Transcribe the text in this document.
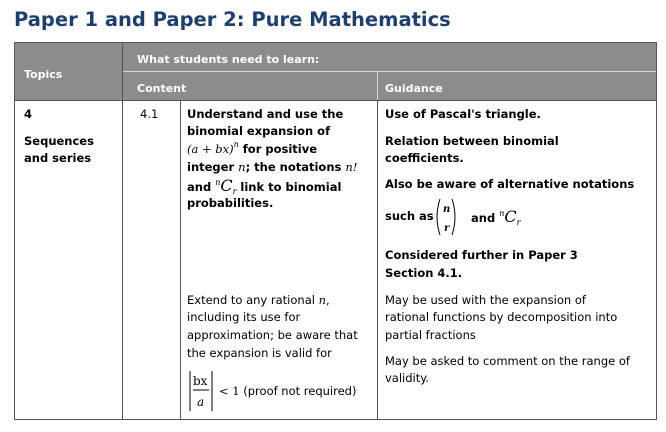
Paper 1 and Paper 2: Pure Mathematics
Topics
What students need to learn:
Content	Guidance
4
Sequences
and series
4.1 Understand and use the
binomial expansion of
(a + bx)$^n$ for positive
integer n; the notations n!
and $^nC_r$ link to binomial
probabilities.
Use of Pascal's triangle.
Relation between binomial
coefficients.
Also be aware of alternative notations
such as n
r
and $^nC_r$
Considered further in Paper 3
Section 4.1.
Extend to any rational n,
including its use for
approximation; be aware that
the expansion is valid for
bx
a
< 1 (proof not required)
May be used with the expansion of
rational functions by decomposition into
partial fractions
May be asked to comment on the range of
validity.
